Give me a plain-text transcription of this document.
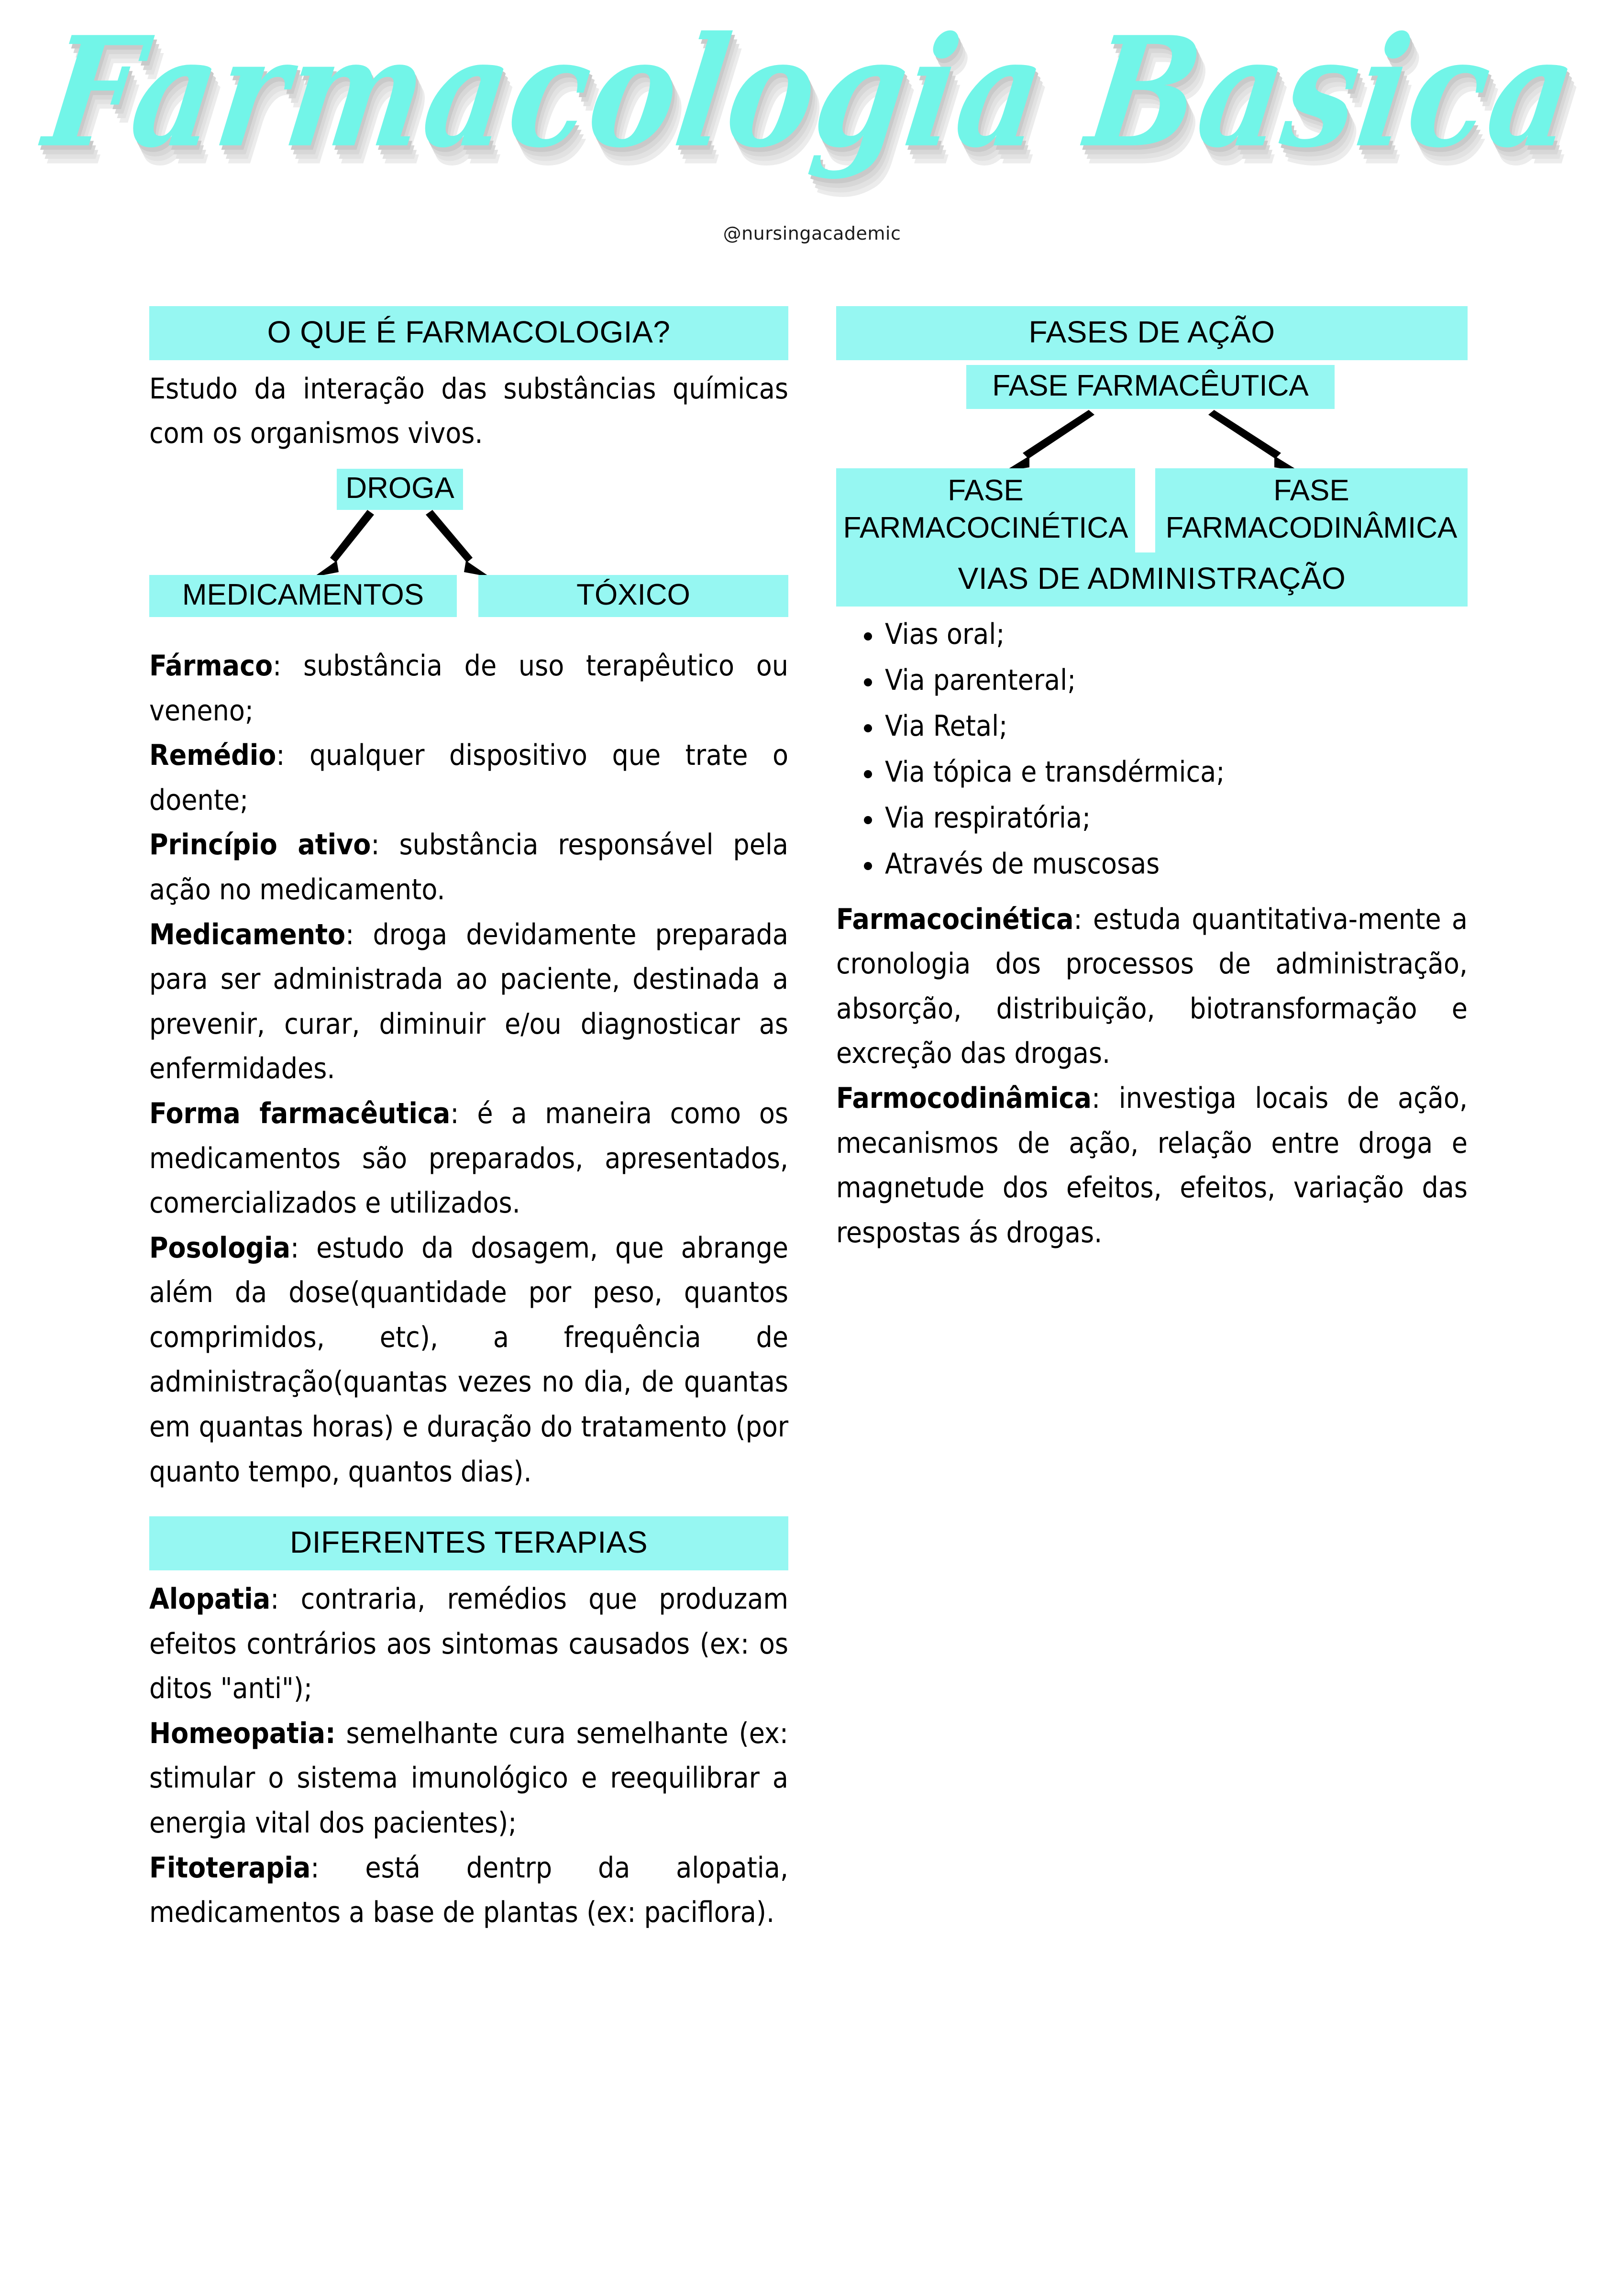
Farmacologia Basica
@nursingacademic
O QUE É FARMACOLOGIA?

Estudo da interação das substâncias químicas com os organismos vivos.

DROGA
MEDICAMENTOS	TÓXICO

Fármaco: substância de uso terapêutico ou veneno;

Remédio: qualquer dispositivo que trate o doente;

Princípio ativo: substância responsável pela ação no medicamento.

Medicamento: droga devidamente preparada para ser administrada ao paciente, destinada a prevenir, curar, diminuir e/ou diagnosticar as enfermidades.

Forma farmacêutica: é a maneira como os medicamentos são preparados, apresentados, comercializados e utilizados.

Posologia: estudo da dosagem, que abrange além da dose(quantidade por peso, quantos comprimidos, etc), a frequência de administração(quantas vezes no dia, de quantas em quantas horas) e duração do tratamento (por quanto tempo, quantos dias).

DIFERENTES TERAPIAS

Alopatia: contraria, remédios que produzam efeitos contrários aos sintomas causados (ex: os ditos "anti");

Homeopatia: semelhante cura semelhante (ex: stimular o sistema imunológico e reequilibrar a energia vital dos pacientes);

Fitoterapia: está dentrp da alopatia, medicamentos a base de plantas (ex: paciflora).

FASES DE AÇÃO
FASE FARMACÊUTICA
FASE FARMACOCINÉTICA
FASE FARMACODINÂMICA
VIAS DE ADMINISTRAÇÃO
Vias oral;
Via parenteral;
Via Retal;
Via tópica e transdérmica;
Via respiratória;
Através de muscosas

Farmacocinética: estuda quantitativa-mente a cronologia dos processos de administração, absorção, distribuição, biotransformação e excreção das drogas.

Farmocodinâmica: investiga locais de ação, mecanismos de ação, relação entre droga e magnetude dos efeitos, efeitos, variação das respostas ás drogas.
